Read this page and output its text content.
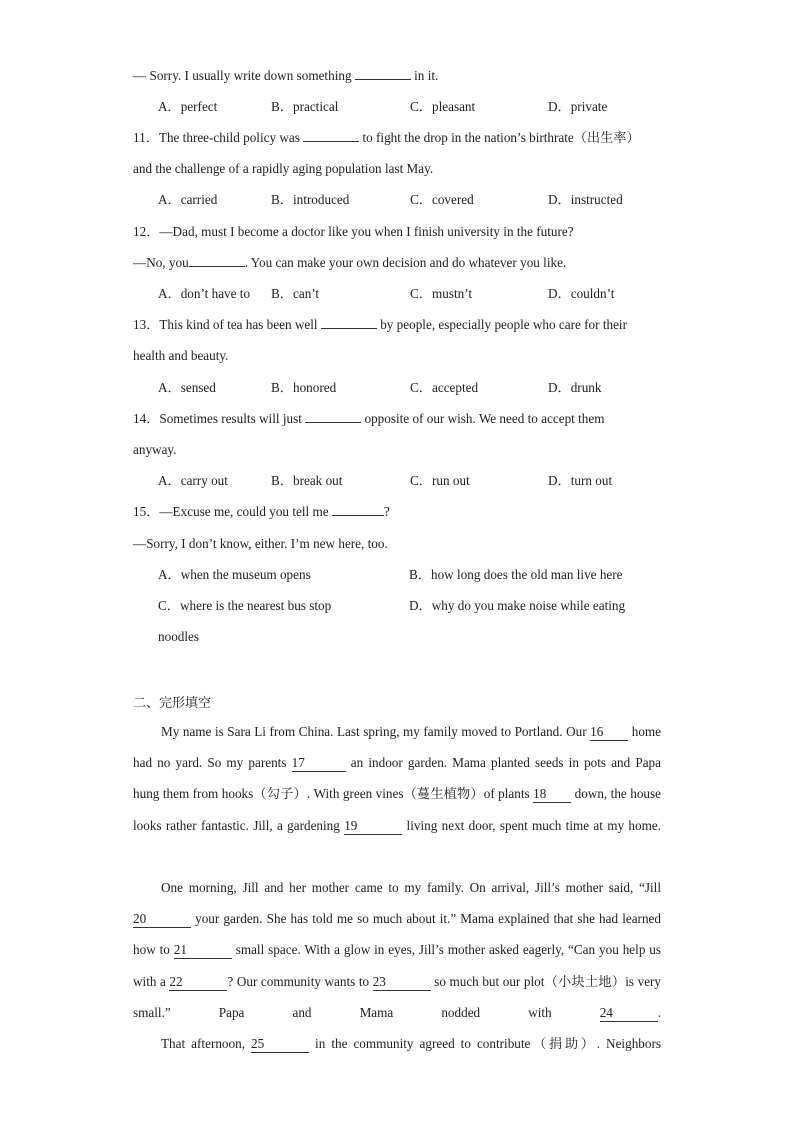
— Sorry. I usually write down something	in it.
A．perfect	B．practical	C．pleasant	D．private
11．The three-child policy was	to fight the drop in the nation’s birthrate（出生率）
and the challenge of a rapidly aging population last May.
A．carried	B．introduced	C．covered	D．instructed
12．—Dad, must I become a doctor like you when I finish university in the future?
—No, you	. You can make your own decision and do whatever you like.
A．don’t have to B．can’t	C．mustn’t	D．couldn’t
13．This kind of tea has been well	by people, especially people who care for their
health and beauty.
A．sensed	B．honored	C．accepted	D．drunk
14．Sometimes results will just	opposite of our wish. We need to accept them
anyway.
A．carry out	B．break out	C．run out	D．turn out
15．—Excuse me, could you tell me	?
—Sorry, I don’t know, either. I’m new here, too.
A．when the museum opens	B．how long does the old man live here
C．where is the nearest bus stop	D．why do you make noise while eating
noodles
二、完形填空
My name is Sara Li from China. Last spring, my family moved to Portland. Our 16 home had no yard. So my parents 17	an indoor garden. Mama planted seeds in pots and Papa hung them from hooks（勾子）. With green vines（蔓生植物）of plants 18 down, the house looks rather fantastic. Jill, a gardening 19	living next door, spent much time at my home.
One morning, Jill and her mother came to my family. On arrival, Jill’s mother said, “Jill 20	your garden. She has told me so much about it.” Mama explained that she had learned how to 21	small space. With a glow in eyes, Jill’s mother asked eagerly, “Can you help us with a 22	? Our community wants to 23	so much but our plot（小块土地）is very small.” Papa and Mama nodded with	24	.
That afternoon, 25	in the community agreed to contribute（捐助）. Neighbors
